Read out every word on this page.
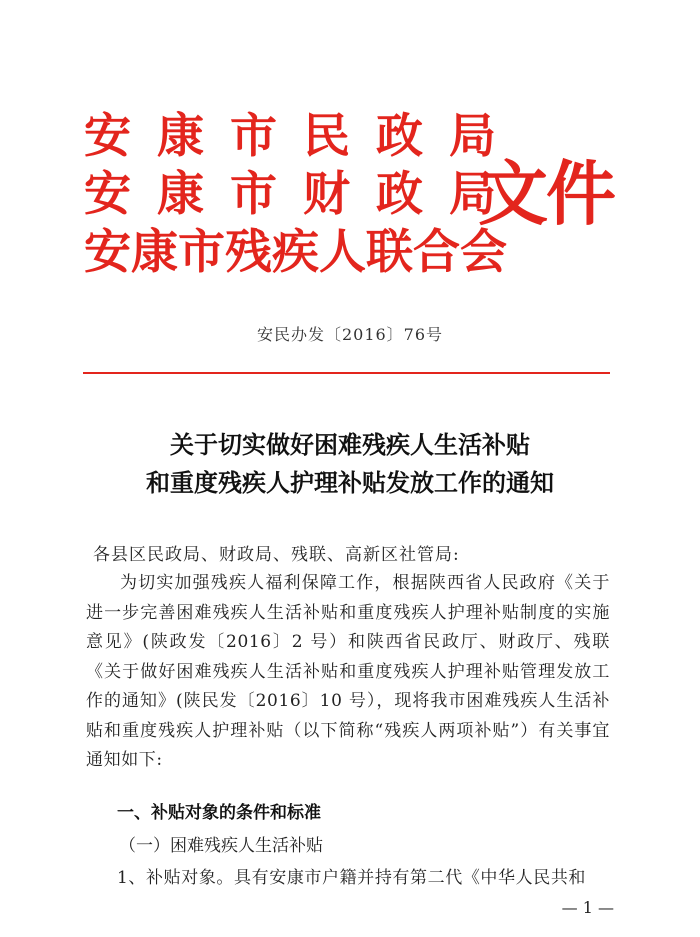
安康市民政局
安康市财政局
安康市残疾人联合会
文件
安民办发〔2016〕76号
关于切实做好困难残疾人生活补贴
和重度残疾人护理补贴发放工作的通知
各县区民政局、财政局、残联、高新区社管局:
为切实加强残疾人福利保障工作，根据陕西省人民政府《关于进一步完善困难残疾人生活补贴和重度残疾人护理补贴制度的实施意见》(陕政发〔2016〕2 号）和陕西省民政厅、财政厅、残联《关于做好困难残疾人生活补贴和重度残疾人护理补贴管理发放工作的通知》(陕民发〔2016〕10 号），现将我市困难残疾人生活补贴和重度残疾人护理补贴（以下简称“残疾人两项补贴”）有关事宜通知如下:
一、补贴对象的条件和标准
（一）困难残疾人生活补贴
1、补贴对象。具有安康市户籍并持有第二代《中华人民共和
— 1 —
